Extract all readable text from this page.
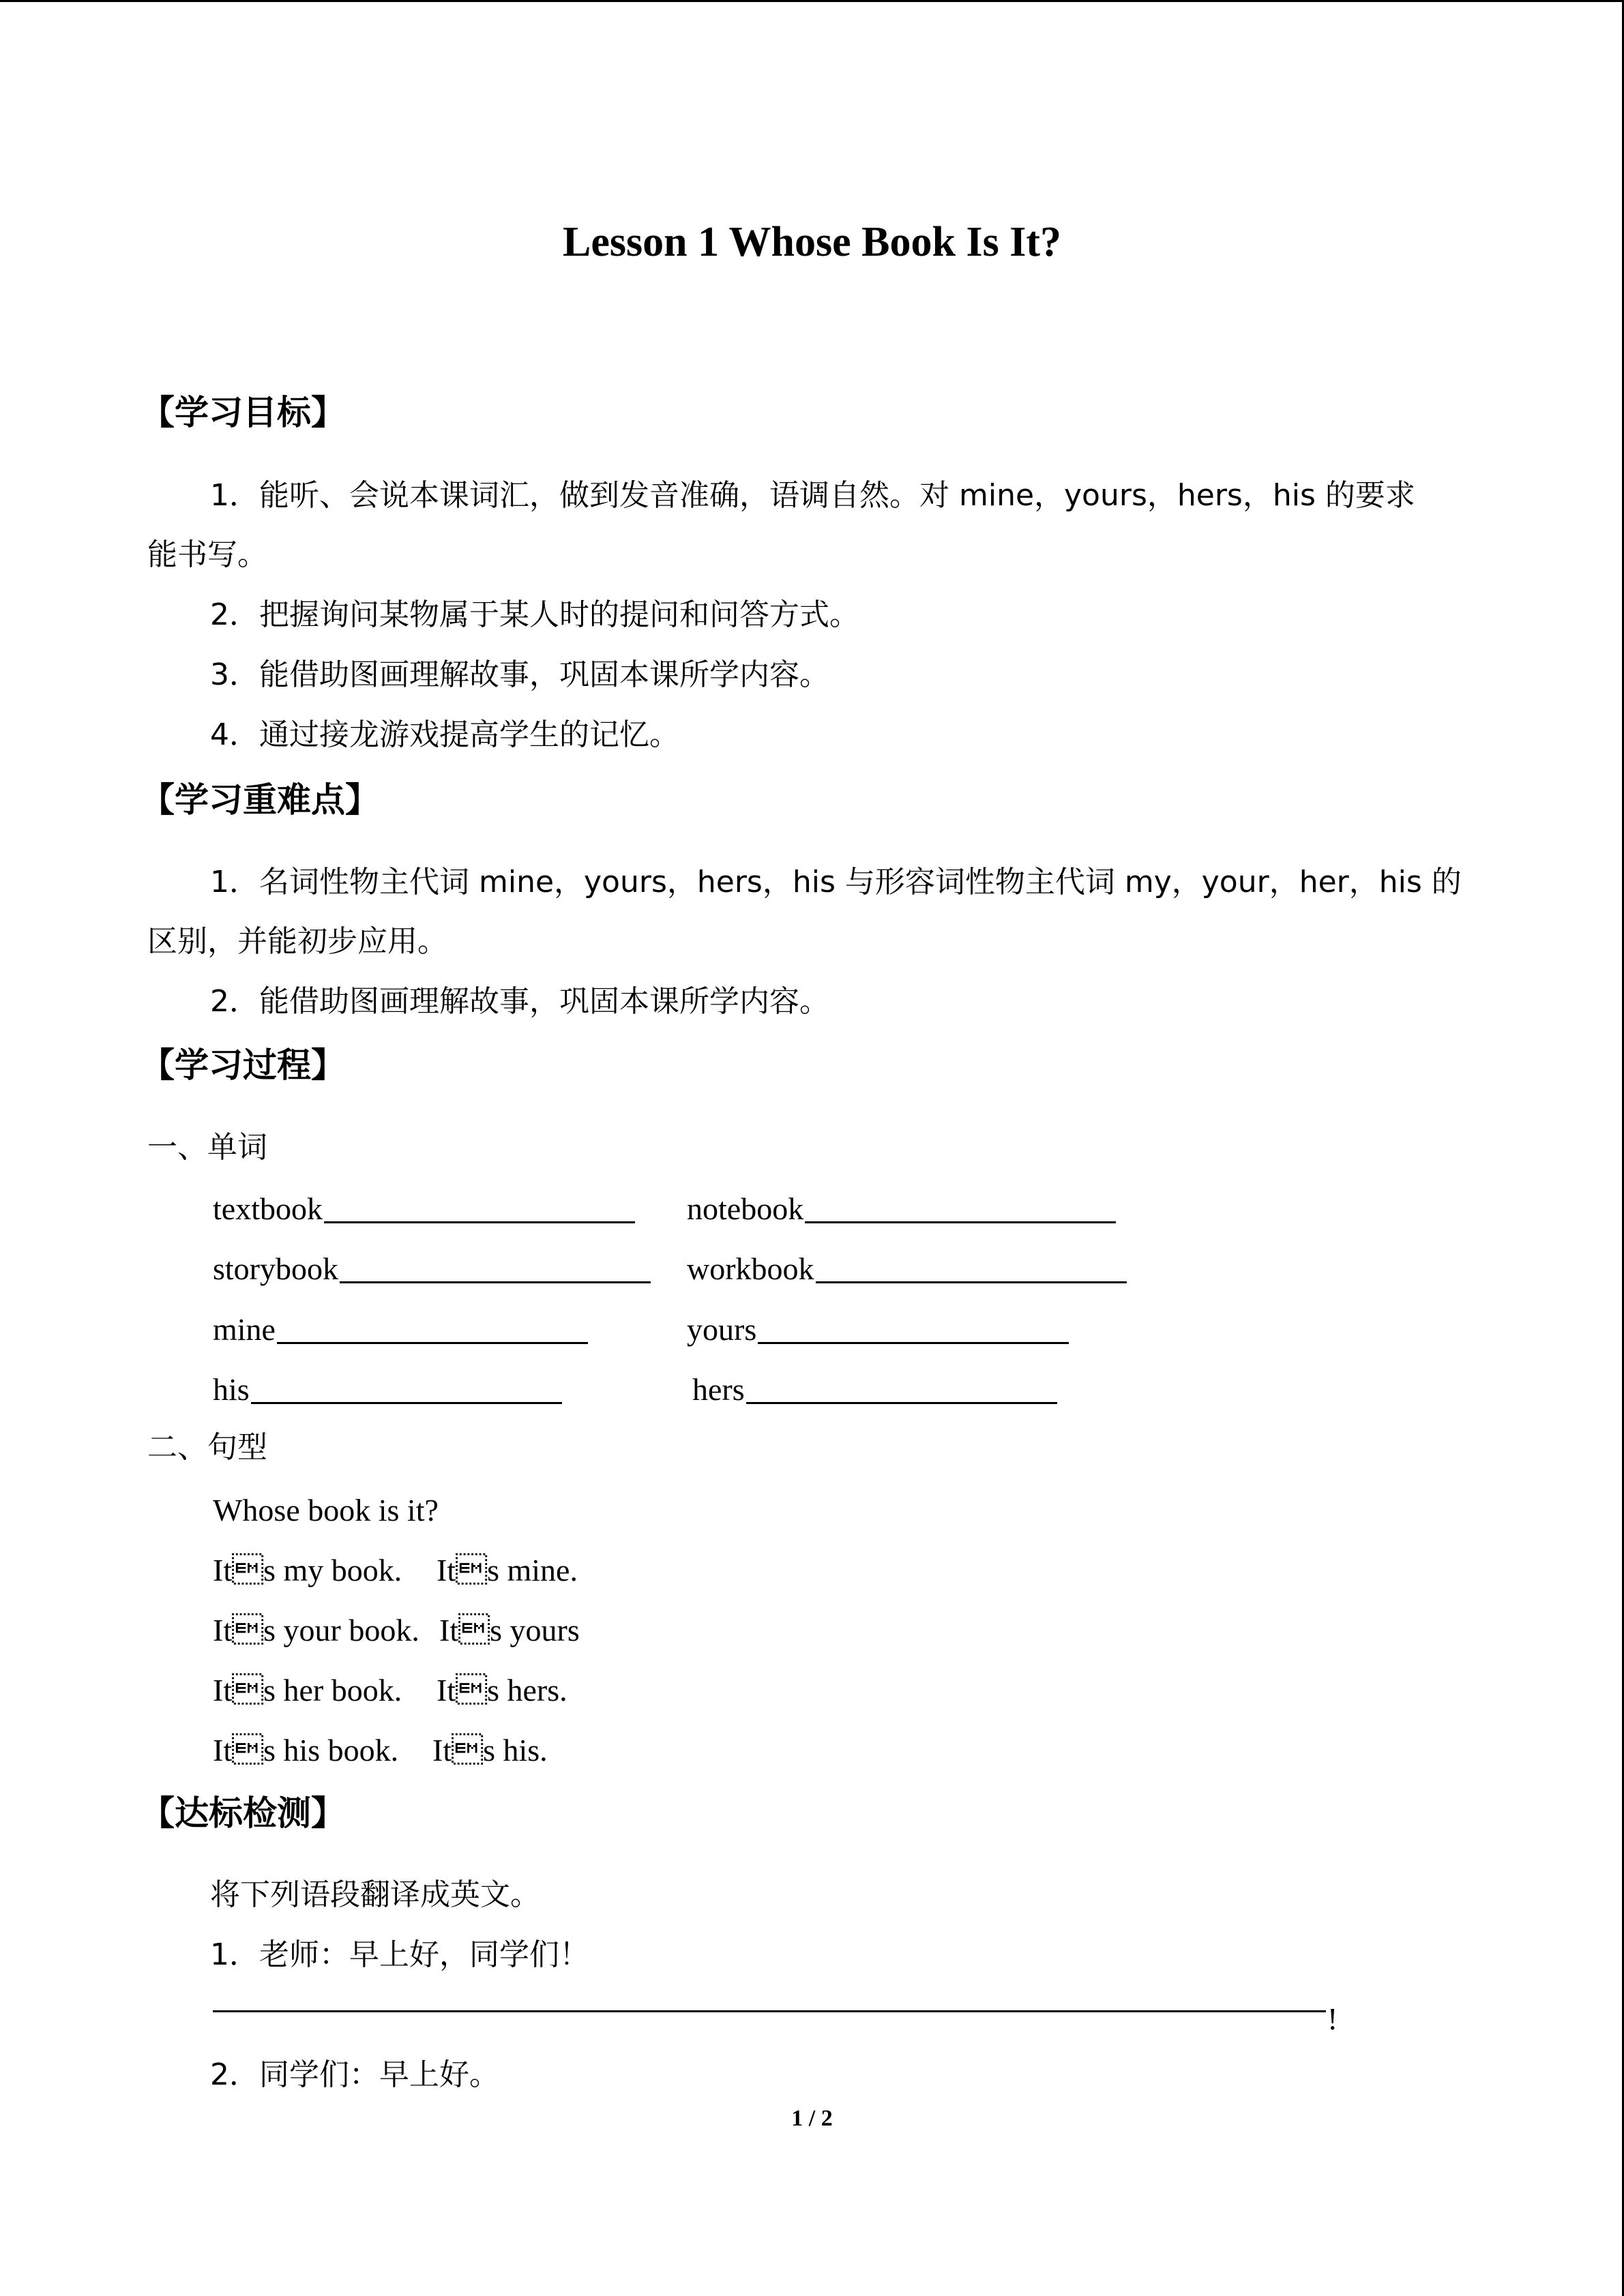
Lesson 1 Whose Book Is It?
【学习目标】
1．能听、会说本课词汇，做到发音准确，语调自然。对 mine，yours，hers，his 的要求
能书写。
2．把握询问某物属于某人时的提问和问答方式。
3．能借助图画理解故事，巩固本课所学内容。
4．通过接龙游戏提高学生的记忆。
【学习重难点】
1．名词性物主代词 mine，yours，hers，his 与形容词性物主代词 my，your，her，his 的
区别，并能初步应用。
2．能借助图画理解故事，巩固本课所学内容。
【学习过程】
一、单词
textbook	notebook
storybook	workbook
mine	yours
his	hers
二、句型
Whose book is it?
Its my book. Its mine.
Its your book. Its yours
Its her book. Its hers.
Its his book. Its his.
【达标检测】
将下列语段翻译成英文。
1．老师：早上好，同学们！
!
2．同学们：早上好。
1 / 2
